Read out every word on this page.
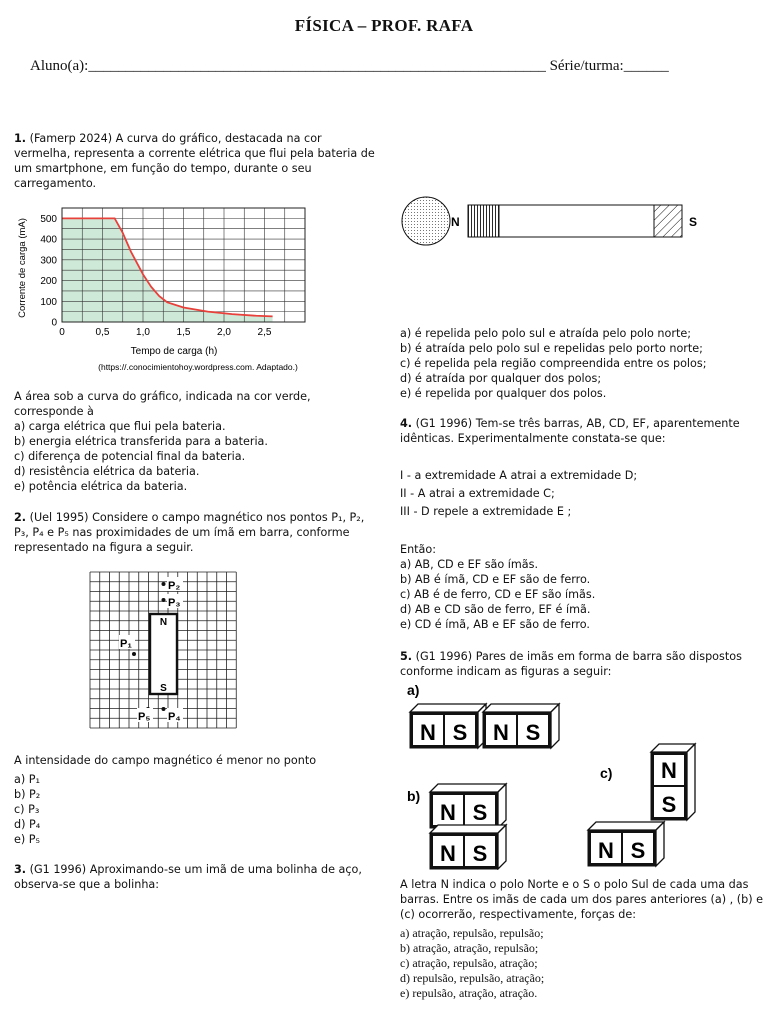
FÍSICA – PROF. RAFA
Aluno(a):_____________________________________________________________ Série/turma:______
1. (Famerp 2024) A curva do gráfico, destacada na cor
vermelha, representa a corrente elétrica que flui pela bateria de
um smartphone, em função do tempo, durante o seu
carregamento.
0
100
200
300
400
500
0	0,5	1,0	1,5	2,0	2,5
Corrente de carga (mA)
Tempo de carga (h)
(https://.conocimientohoy.wordpress.com. Adaptado.)
A área sob a curva do gráfico, indicada na cor verde,
corresponde à
a) carga elétrica que flui pela bateria.
b) energia elétrica transferida para a bateria.
c) diferença de potencial final da bateria.
d) resistência elétrica da bateria.
e) potência elétrica da bateria.
2. (Uel 1995) Considere o campo magnético nos pontos P₁, P₂,
P₃, P₄ e P₅ nas proximidades de um ímã em barra, conforme
representado na figura a seguir.
N
S
P₂
P₃
P₁
P₅ P₄
A intensidade do campo magnético é menor no ponto
a) P₁
b) P₂
c) P₃
d) P₄
e) P₅
3. (G1 1996) Aproximando-se um imã de uma bolinha de aço,
observa-se que a bolinha:
N	S
a) é repelida pelo polo sul e atraída pelo polo norte;
b) é atraída pelo polo sul e repelidas pelo porto norte;
c) é repelida pela região compreendida entre os polos;
d) é atraída por qualquer dos polos;
e) é repelida por qualquer dos polos.
4. (G1 1996) Tem-se três barras, AB, CD, EF, aparentemente
idênticas. Experimentalmente constata-se que:
I - a extremidade A atrai a extremidade D;
II - A atrai a extremidade C;
III - D repele a extremidade E ;
Então:
a) AB, CD e EF são ímãs.
b) AB é ímã, CD e EF são de ferro.
c) AB é de ferro, CD e EF são ímãs.
d) AB e CD são de ferro, EF é ímã.
e) CD é ímã, AB e EF são de ferro.
5. (G1 1996) Pares de imãs em forma de barra são dispostos
conforme indicam as figuras a seguir:
a)
b)
c)
N S N S
N S
N S
N
S
N S
A letra N indica o polo Norte e o S o polo Sul de cada uma das
barras. Entre os imãs de cada um dos pares anteriores (a) , (b) e
(c) ocorrerão, respectivamente, forças de:
a) atração, repulsão, repulsão;
b) atração, atração, repulsão;
c) atração, repulsão, atração;
d) repulsão, repulsão, atração;
e) repulsão, atração, atração.
